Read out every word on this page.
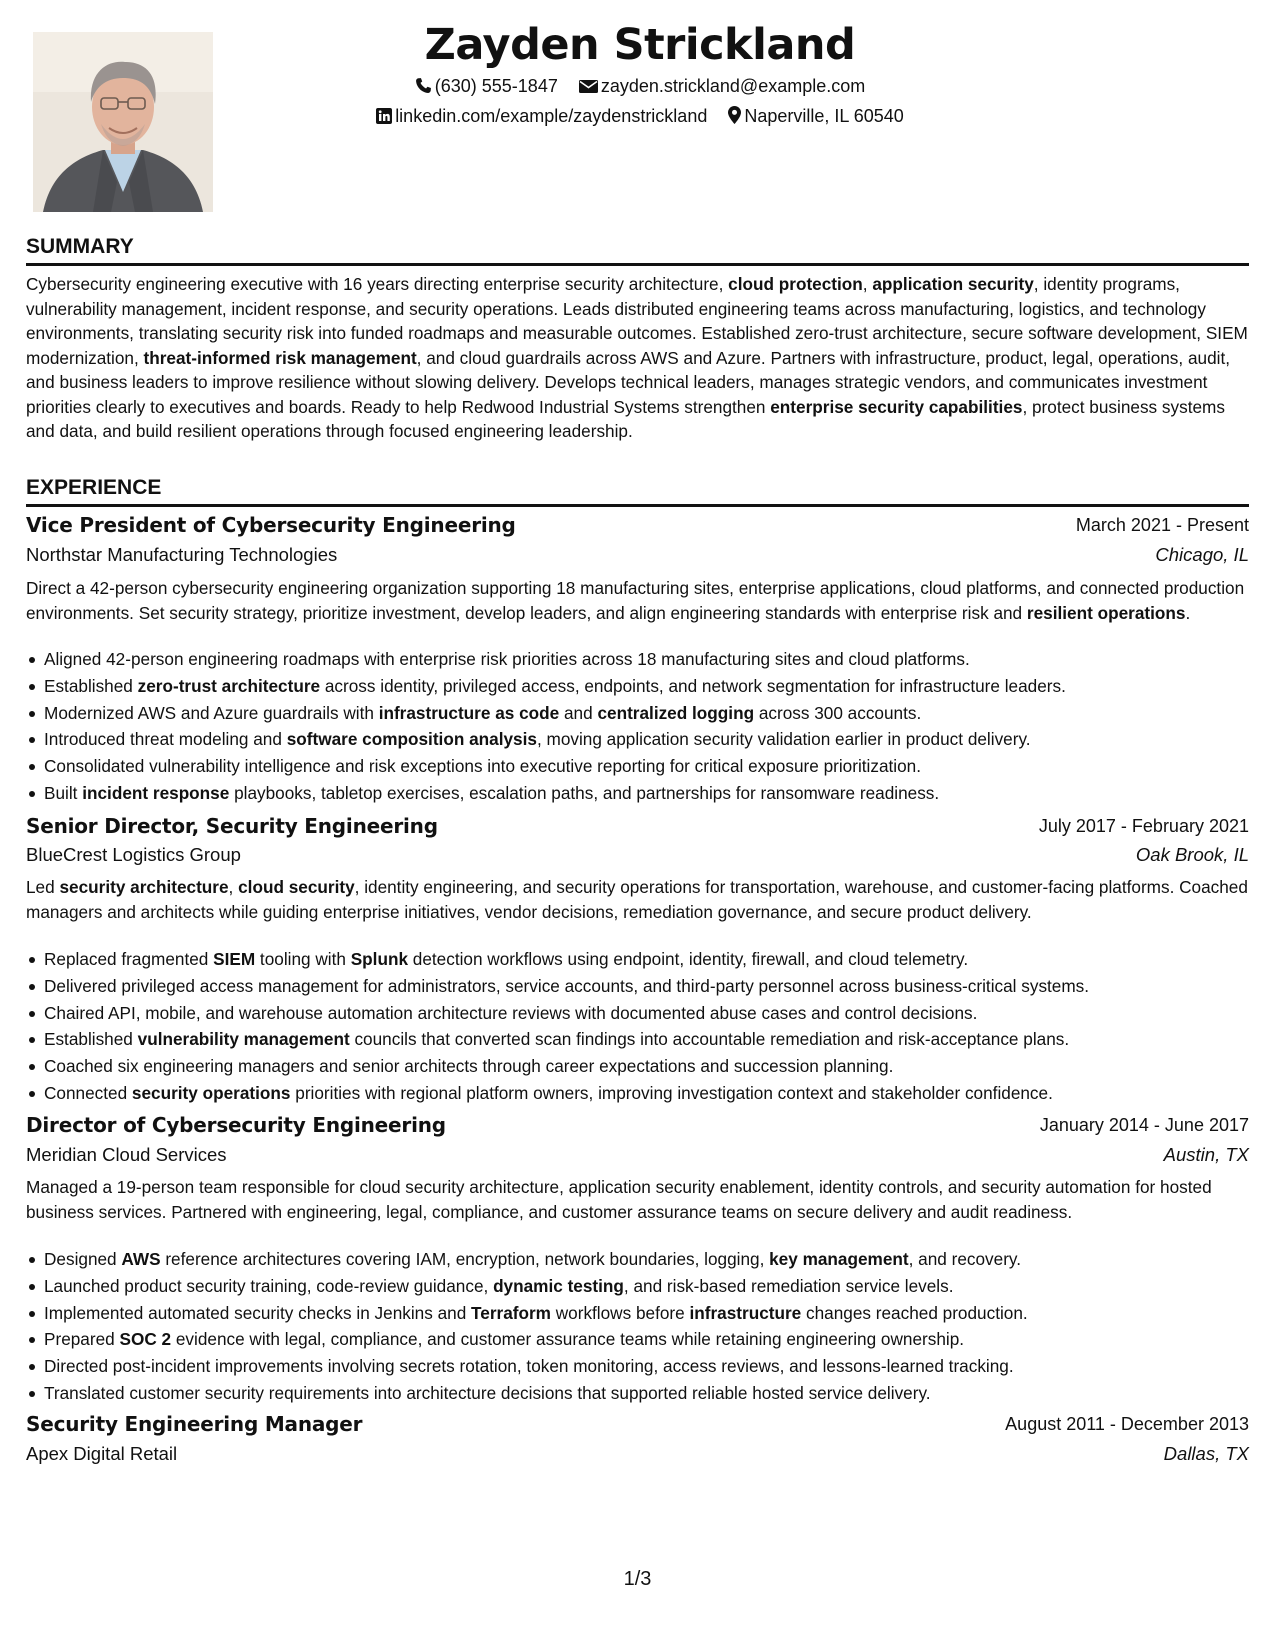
Zayden Strickland
(630) 555-1847 zayden.strickland@example.com
linkedin.com/example/zaydenstrickland Naperville, IL 60540
SUMMARY
Cybersecurity engineering executive with 16 years directing enterprise security architecture, cloud protection, application security, identity programs, vulnerability management, incident response, and security operations. Leads distributed engineering teams across manufacturing, logistics, and technology environments, translating security risk into funded roadmaps and measurable outcomes. Established zero-trust architecture, secure software development, SIEM modernization, threat-informed risk management, and cloud guardrails across AWS and Azure. Partners with infrastructure, product, legal, operations, audit, and business leaders to improve resilience without slowing delivery. Develops technical leaders, manages strategic vendors, and communicates investment priorities clearly to executives and boards. Ready to help Redwood Industrial Systems strengthen enterprise security capabilities, protect business systems and data, and build resilient operations through focused engineering leadership.
EXPERIENCE
Vice President of Cybersecurity Engineering	March 2021 - Present
Northstar Manufacturing Technologies	Chicago, IL
Direct a 42-person cybersecurity engineering organization supporting 18 manufacturing sites, enterprise applications, cloud platforms, and connected production environments. Set security strategy, prioritize investment, develop leaders, and align engineering standards with enterprise risk and resilient operations.
Aligned 42-person engineering roadmaps with enterprise risk priorities across 18 manufacturing sites and cloud platforms.
Established zero-trust architecture across identity, privileged access, endpoints, and network segmentation for infrastructure leaders.
Modernized AWS and Azure guardrails with infrastructure as code and centralized logging across 300 accounts.
Introduced threat modeling and software composition analysis, moving application security validation earlier in product delivery.
Consolidated vulnerability intelligence and risk exceptions into executive reporting for critical exposure prioritization.
Built incident response playbooks, tabletop exercises, escalation paths, and partnerships for ransomware readiness.
Senior Director, Security Engineering	July 2017 - February 2021
BlueCrest Logistics Group	Oak Brook, IL
Led security architecture, cloud security, identity engineering, and security operations for transportation, warehouse, and customer-facing platforms. Coached managers and architects while guiding enterprise initiatives, vendor decisions, remediation governance, and secure product delivery.
Replaced fragmented SIEM tooling with Splunk detection workflows using endpoint, identity, firewall, and cloud telemetry.
Delivered privileged access management for administrators, service accounts, and third-party personnel across business-critical systems.
Chaired API, mobile, and warehouse automation architecture reviews with documented abuse cases and control decisions.
Established vulnerability management councils that converted scan findings into accountable remediation and risk-acceptance plans.
Coached six engineering managers and senior architects through career expectations and succession planning.
Connected security operations priorities with regional platform owners, improving investigation context and stakeholder confidence.
Director of Cybersecurity Engineering	January 2014 - June 2017
Meridian Cloud Services	Austin, TX
Managed a 19-person team responsible for cloud security architecture, application security enablement, identity controls, and security automation for hosted business services. Partnered with engineering, legal, compliance, and customer assurance teams on secure delivery and audit readiness.
Designed AWS reference architectures covering IAM, encryption, network boundaries, logging, key management, and recovery.
Launched product security training, code-review guidance, dynamic testing, and risk-based remediation service levels.
Implemented automated security checks in Jenkins and Terraform workflows before infrastructure changes reached production.
Prepared SOC 2 evidence with legal, compliance, and customer assurance teams while retaining engineering ownership.
Directed post-incident improvements involving secrets rotation, token monitoring, access reviews, and lessons-learned tracking.
Translated customer security requirements into architecture decisions that supported reliable hosted service delivery.
Security Engineering Manager	August 2011 - December 2013
Apex Digital Retail	Dallas, TX
1/3
